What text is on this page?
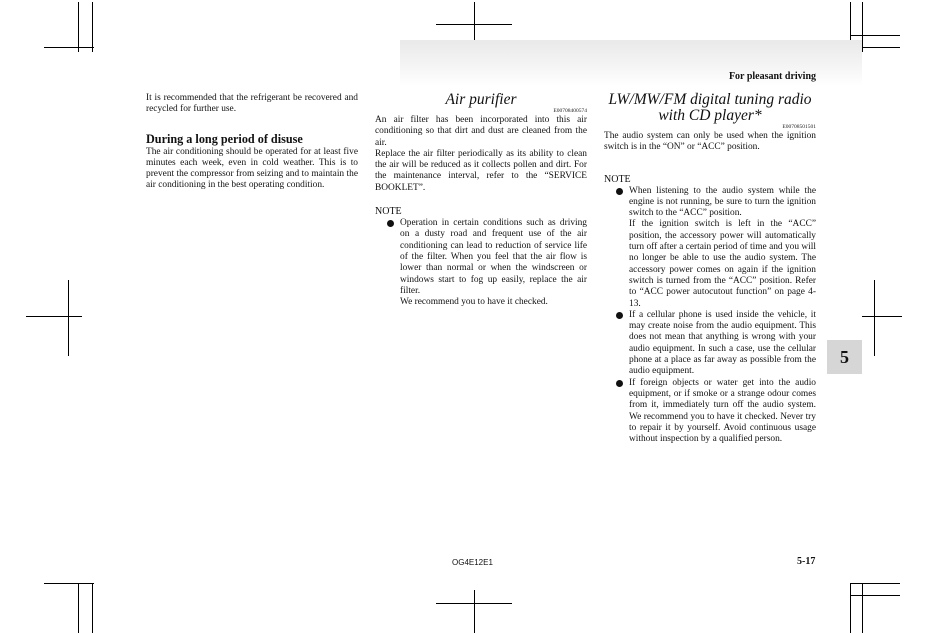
For pleasant driving

It is recommended that the refrigerant be recovered and recycled for further use.

During a long period of disuse

The air conditioning should be operated for at least five minutes each week, even in cold weather. This is to prevent the compressor from seizing and to maintain the air conditioning in the best operating condition.

Air purifier
E00708400574

An air filter has been incorporated into this air conditioning so that dirt and dust are cleaned from the air.

Replace the air filter periodically as its ability to clean the air will be reduced as it collects pollen and dirt. For the maintenance interval, refer to the “SERVICE BOOKLET”.

NOTE
Operation in certain conditions such as driving on a dusty road and frequent use of the air conditioning can lead to reduction of service life of the filter. When you feel that the air flow is lower than normal or when the windscreen or windows start to fog up easily, replace the air filter.
We recommend you to have it checked.
LW/MW/FM digital tuning radio
with CD player*
E00708501501

The audio system can only be used when the ignition switch is in the “ON” or “ACC” position.

NOTE
When listening to the audio system while the engine is not running, be sure to turn the ignition switch to the “ACC” position.
If the ignition switch is left in the “ACC” position, the accessory power will automatically turn off after a certain period of time and you will no longer be able to use the audio system. The accessory power comes on again if the ignition switch is turned from the “ACC” position. Refer to “ACC power autocutout function” on page 4-13.
If a cellular phone is used inside the vehicle, it may create noise from the audio equipment. This does not mean that anything is wrong with your audio equipment. In such a case, use the cellular phone at a place as far away as possible from the audio equipment.
If foreign objects or water get into the audio equipment, or if smoke or a strange odour comes from it, immediately turn off the audio system. We recommend you to have it checked. Never try to repair it by yourself. Avoid continuous usage without inspection by a qualified person.
5
OG4E12E1	5-17
